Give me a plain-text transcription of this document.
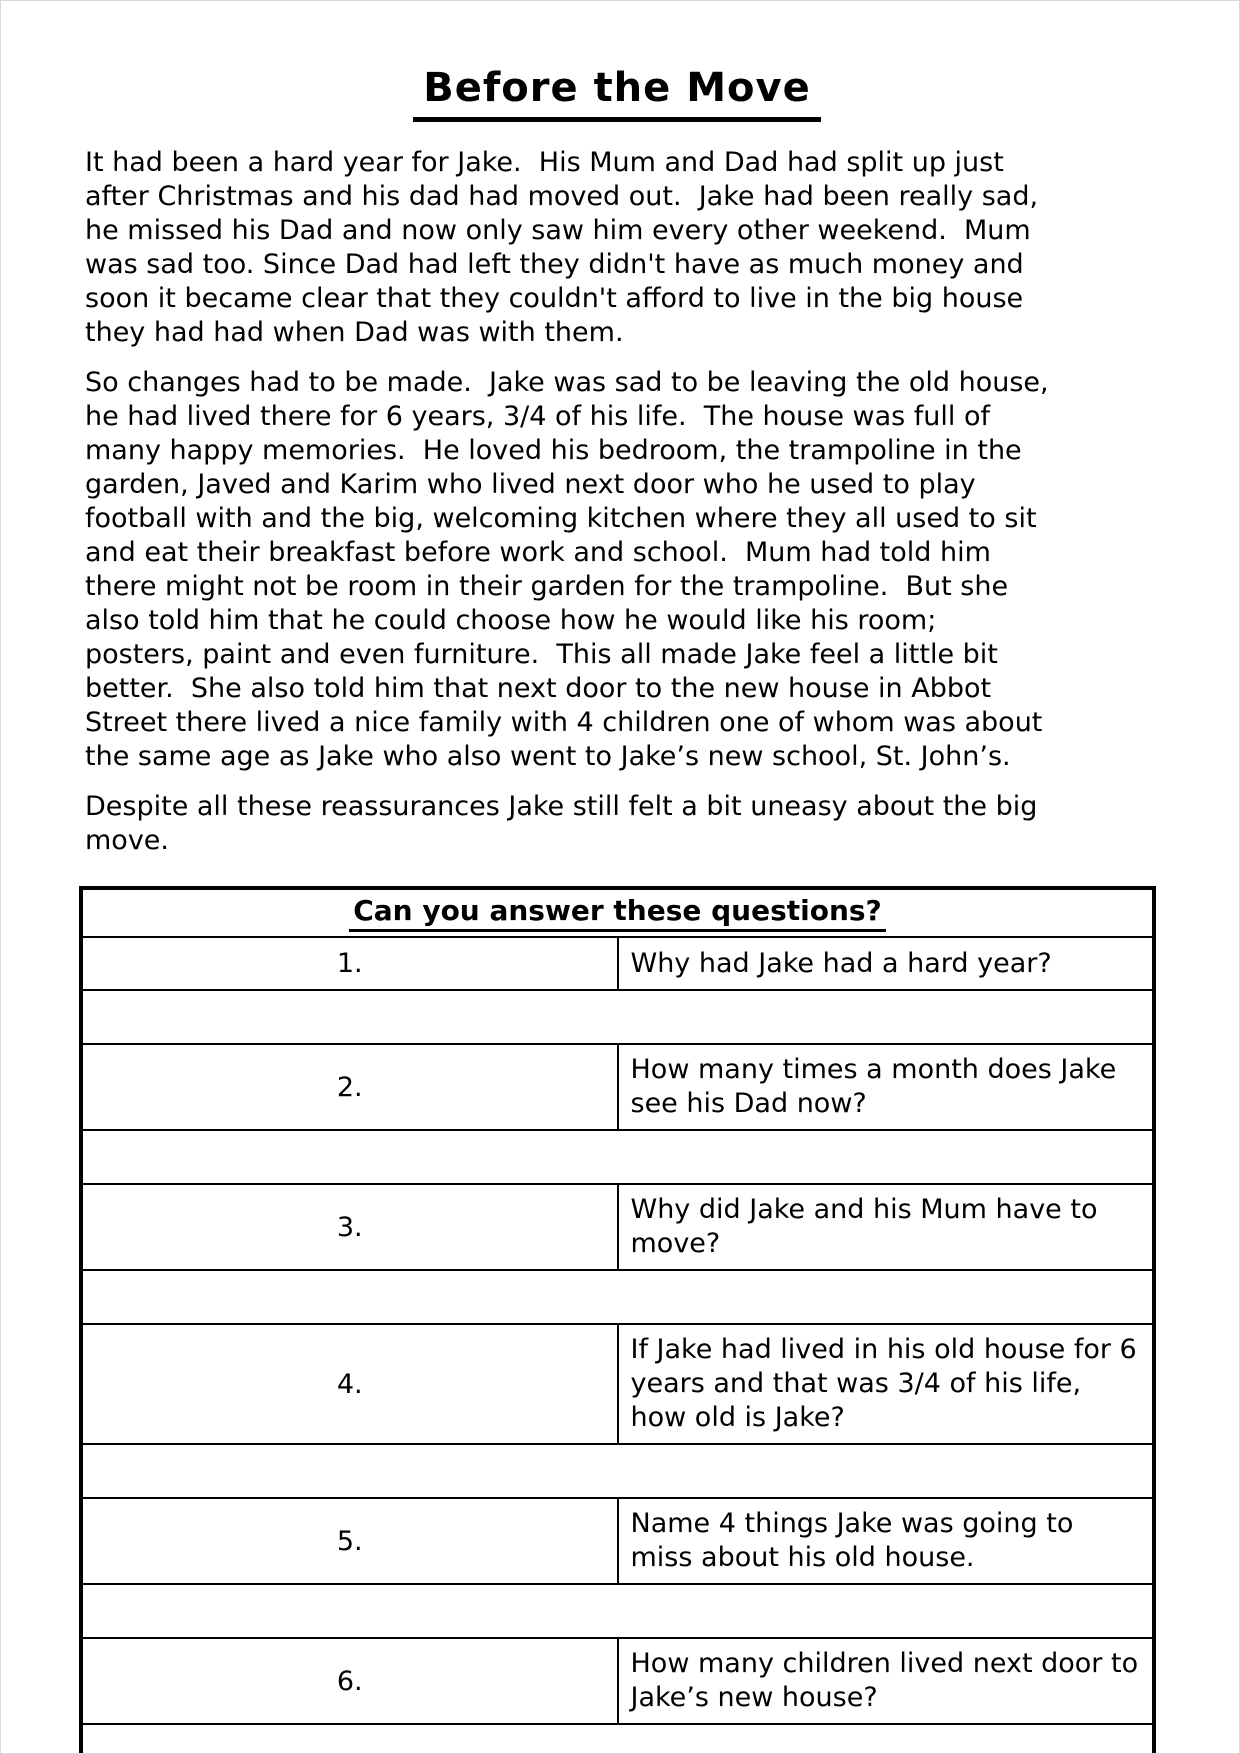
Before the Move

It had been a hard year for Jake.  His Mum and Dad had split up just after Christmas and his dad had moved out.  Jake had been really sad, he missed his Dad and now only saw him every other weekend.  Mum was sad too. Since Dad had left they didn't have as much money and soon it became clear that they couldn't afford to live in the big house they had had when Dad was with them.

So changes had to be made.  Jake was sad to be leaving the old house, he had lived there for 6 years, 3/4 of his life.  The house was full of many happy memories.  He loved his bedroom, the trampoline in the garden, Javed and Karim who lived next door who he used to play football with and the big, welcoming kitchen where they all used to sit and eat their breakfast before work and school.  Mum had told him there might not be room in their garden for the trampoline.  But she also told him that he could choose how he would like his room; posters, paint and even furniture.  This all made Jake feel a little bit better.  She also told him that next door to the new house in Abbot Street there lived a nice family with 4 children one of whom was about the same age as Jake who also went to Jake’s new school, St. John’s.

Despite all these reassurances Jake still felt a bit uneasy about the big move.

Can you answer these questions?	
1.	Why had Jake had a hard year?

2.	How many times a month does Jake see his Dad now?

3.	Why did Jake and his Mum have to move?

4.	If Jake had lived in his old house for 6 years and that was 3/4 of his life, how old is Jake?

5.	Name 4 things Jake was going to miss about his old house.

6.	How many children lived next door to Jake’s new house?
